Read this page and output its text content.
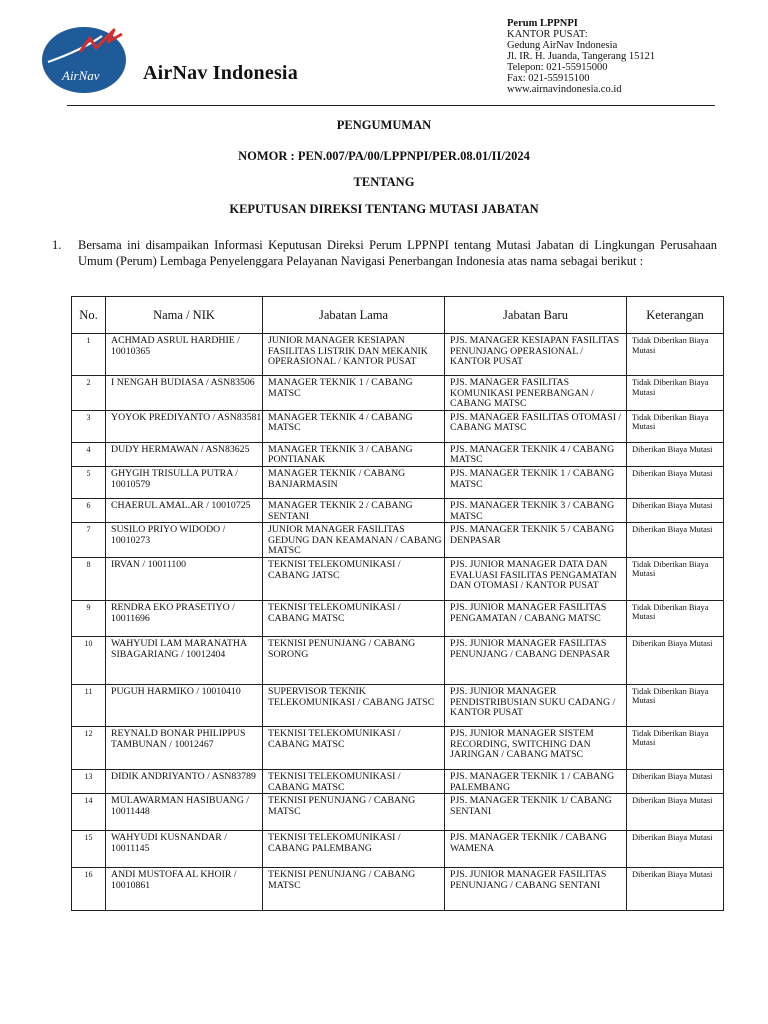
AirNav AirNav Indonesia
Perum LPPNPI
KANTOR PUSAT:
Gedung AirNav Indonesia
Jl. IR. H. Juanda, Tangerang 15121
Telepon: 021-55915000
Fax: 021-55915100
www.airnavindonesia.co.id
PENGUMUMAN
NOMOR : PEN.007/PA/00/LPPNPI/PER.08.01/II/2024
TENTANG
KEPUTUSAN DIREKSI TENTANG MUTASI JABATAN
1. Bersama ini disampaikan Informasi Keputusan Direksi Perum LPPNPI tentang Mutasi Jabatan di Lingkungan Perusahaan Umum (Perum) Lembaga Penyelenggara Pelayanan Navigasi Penerbangan Indonesia atas nama sebagai berikut :
No.	Nama / NIK	Jabatan Lama	Jabatan Baru	Keterangan
1	ACHMAD ASRUL HARDHIE / 10010365	JUNIOR MANAGER KESIAPAN FASILITAS LISTRIK DAN MEKANIK OPERASIONAL / KANTOR PUSAT	PJS. MANAGER KESIAPAN FASILITAS PENUNJANG OPERASIONAL / KANTOR PUSAT	Tidak Diberikan Biaya Mutasi
2	I NENGAH BUDIASA / ASN83506	MANAGER TEKNIK 1 / CABANG MATSC	PJS. MANAGER FASILITAS KOMUNIKASI PENERBANGAN / CABANG MATSC	Tidak Diberikan Biaya Mutasi
3	YOYOK PREDIYANTO / ASN83581	MANAGER TEKNIK 4 / CABANG MATSC	PJS. MANAGER FASILITAS OTOMASI / CABANG MATSC	Tidak Diberikan Biaya Mutasi
4	DUDY HERMAWAN / ASN83625	MANAGER TEKNIK 3 / CABANG PONTIANAK	PJS. MANAGER TEKNIK 4 / CABANG MATSC	Diberikan Biaya Mutasi
5	GHYGIH TRISULLA PUTRA / 10010579	MANAGER TEKNIK / CABANG BANJARMASIN	PJS. MANAGER TEKNIK 1 / CABANG MATSC	Diberikan Biaya Mutasi
6	CHAERUL AMAL.AR / 10010725	MANAGER TEKNIK 2 / CABANG SENTANI	PJS. MANAGER TEKNIK 3 / CABANG MATSC	Diberikan Biaya Mutasi
7	SUSILO PRIYO WIDODO / 10010273	JUNIOR MANAGER FASILITAS GEDUNG DAN KEAMANAN / CABANG MATSC	PJS. MANAGER TEKNIK 5 / CABANG DENPASAR	Diberikan Biaya Mutasi
8	IRVAN / 10011100	TEKNISI TELEKOMUNIKASI / CABANG JATSC	PJS. JUNIOR MANAGER DATA DAN EVALUASI FASILITAS PENGAMATAN DAN OTOMASI / KANTOR PUSAT	Tidak Diberikan Biaya Mutasi
9	RENDRA EKO PRASETIYO / 10011696	TEKNISI TELEKOMUNIKASI / CABANG MATSC	PJS. JUNIOR MANAGER FASILITAS PENGAMATAN / CABANG MATSC	Tidak Diberikan Biaya Mutasi
10	WAHYUDI LAM MARANATHA SIBAGARIANG / 10012404	TEKNISI PENUNJANG / CABANG SORONG	PJS. JUNIOR MANAGER FASILITAS PENUNJANG / CABANG DENPASAR	Diberikan Biaya Mutasi
11	PUGUH HARMIKO / 10010410	SUPERVISOR TEKNIK TELEKOMUNIKASI / CABANG JATSC	PJS. JUNIOR MANAGER PENDISTRIBUSIAN SUKU CADANG / KANTOR PUSAT	Tidak Diberikan Biaya Mutasi
12	REYNALD BONAR PHILIPPUS TAMBUNAN / 10012467	TEKNISI TELEKOMUNIKASI / CABANG MATSC	PJS. JUNIOR MANAGER SISTEM RECORDING, SWITCHING DAN JARINGAN / CABANG MATSC	Tidak Diberikan Biaya Mutasi
13	DIDIK ANDRIYANTO / ASN83789	TEKNISI TELEKOMUNIKASI / CABANG MATSC	PJS. MANAGER TEKNIK 1 / CABANG PALEMBANG	Diberikan Biaya Mutasi
14	MULAWARMAN HASIBUANG / 10011448	TEKNISI PENUNJANG / CABANG MATSC	PJS. MANAGER TEKNIK 1/ CABANG SENTANI	Diberikan Biaya Mutasi
15	WAHYUDI KUSNANDAR / 10011145	TEKNISI TELEKOMUNIKASI / CABANG PALEMBANG	PJS. MANAGER TEKNIK / CABANG WAMENA	Diberikan Biaya Mutasi
16	ANDI MUSTOFA AL KHOIR / 10010861	TEKNISI PENUNJANG / CABANG MATSC	PJS. JUNIOR MANAGER FASILITAS PENUNJANG / CABANG SENTANI	Diberikan Biaya Mutasi
